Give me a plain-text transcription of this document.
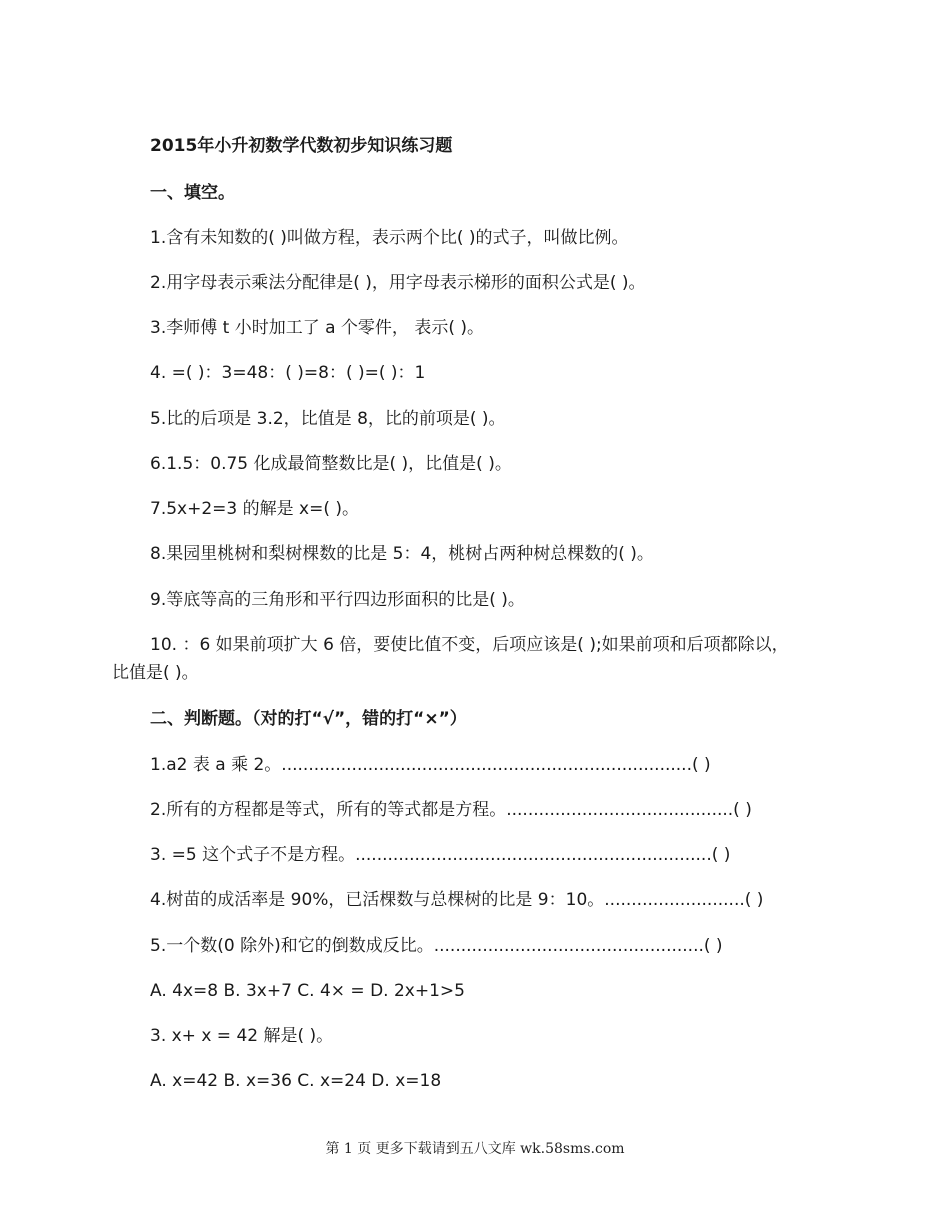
2015年小升初数学代数初步知识练习题
一、填空。
1.含有未知数的( )叫做方程，表示两个比( )的式子，叫做比例。
2.用字母表示乘法分配律是( )，用字母表示梯形的面积公式是( )。
3.李师傅 t 小时加工了 a 个零件， 表示( )。
4. =( )：3=48：( )=8：( )=( )：1
5.比的后项是 3.2，比值是 8，比的前项是( )。
6.1.5：0.75 化成最简整数比是( )，比值是( )。
7.5x+2=3 的解是 x=( )。
8.果园里桃树和梨树棵数的比是 5：4，桃树占两种树总棵数的( )。
9.等底等高的三角形和平行四边形面积的比是( )。
10. ：6 如果前项扩大 6 倍，要使比值不变，后项应该是( );如果前项和后项都除以，
比值是( )。
二、判断题。（对的打“√”，错的打“×”）
1.a2 表 a 乘 2。............................................................................( )
2.所有的方程都是等式，所有的等式都是方程。..........................................( )
3. =5 这个式子不是方程。..................................................................( )
4.树苗的成活率是 90%，已活棵数与总棵树的比是 9：10。..........................( )
5.一个数(0 除外)和它的倒数成反比。..................................................( )
A. 4x=8 B. 3x+7 C. 4× = D. 2x+1>5
3. x+ x = 42 解是( )。
A. x=42 B. x=36 C. x=24 D. x=18
第 1 页 更多下载请到五八文库 wk.58sms.com
